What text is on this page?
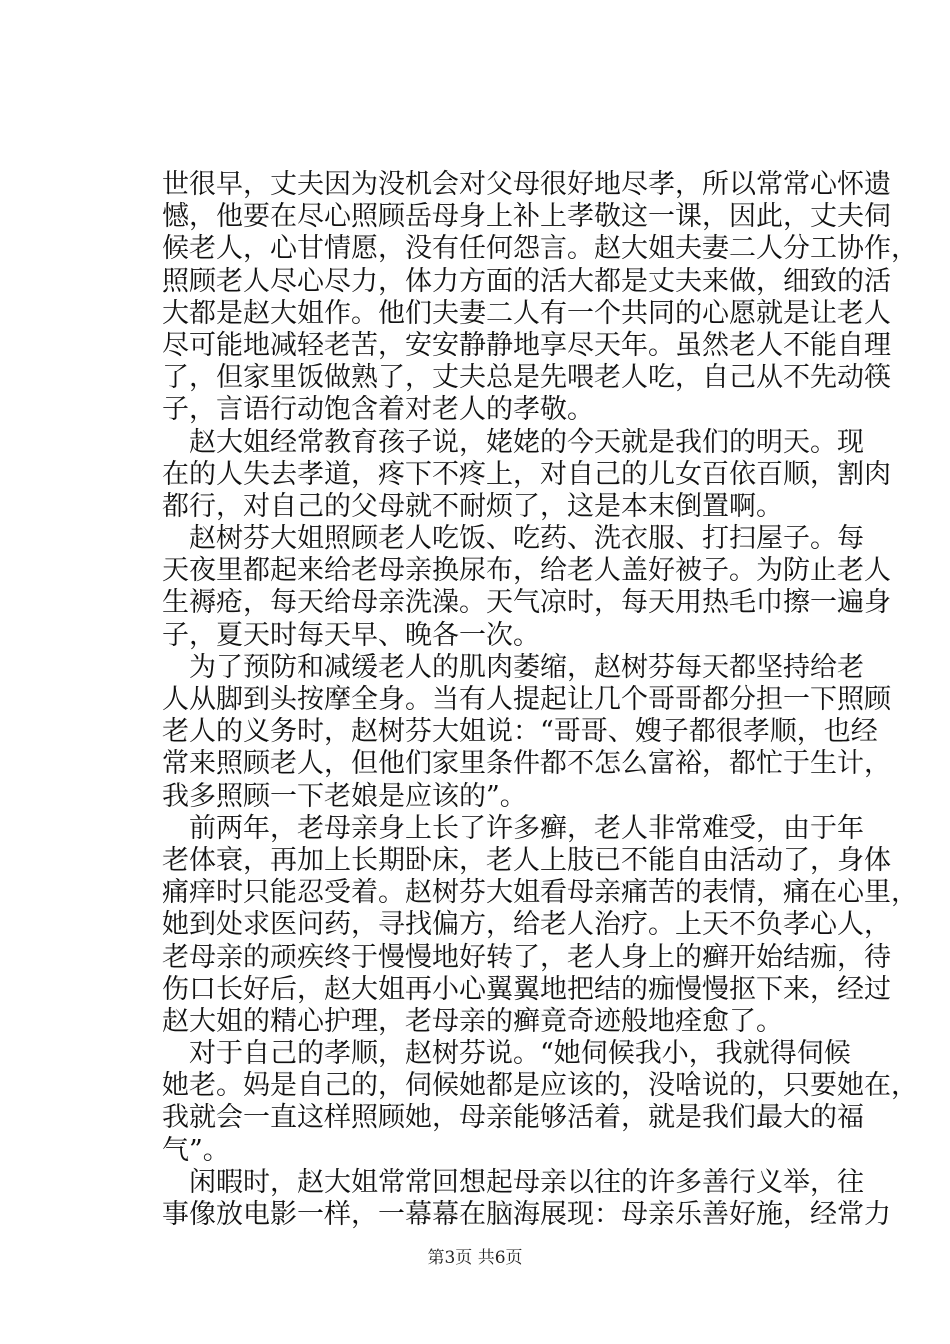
世很早，丈夫因为没机会对父母很好地尽孝，所以常常心怀遗
憾，他要在尽心照顾岳母身上补上孝敬这一课，因此，丈夫伺
候老人，心甘情愿，没有任何怨言。赵大姐夫妻二人分工协作，
照顾老人尽心尽力，体力方面的活大都是丈夫来做，细致的活
大都是赵大姐作。他们夫妻二人有一个共同的心愿就是让老人
尽可能地减轻老苦，安安静静地享尽天年。虽然老人不能自理
了，但家里饭做熟了，丈夫总是先喂老人吃，自己从不先动筷
子，言语行动饱含着对老人的孝敬。
赵大姐经常教育孩子说，姥姥的今天就是我们的明天。现
在的人失去孝道，疼下不疼上，对自己的儿女百依百顺，割肉
都行，对自己的父母就不耐烦了，这是本末倒置啊。
赵树芬大姐照顾老人吃饭、吃药、洗衣服、打扫屋子。每
天夜里都起来给老母亲换尿布，给老人盖好被子。为防止老人
生褥疮，每天给母亲洗澡。天气凉时，每天用热毛巾擦一遍身
子，夏天时每天早、晚各一次。
为了预防和减缓老人的肌肉萎缩，赵树芬每天都坚持给老
人从脚到头按摩全身。当有人提起让几个哥哥都分担一下照顾
老人的义务时，赵树芬大姐说：“哥哥、嫂子都很孝顺，也经
常来照顾老人，但他们家里条件都不怎么富裕，都忙于生计，
我多照顾一下老娘是应该的”。
前两年，老母亲身上长了许多癣，老人非常难受，由于年
老体衰，再加上长期卧床，老人上肢已不能自由活动了，身体
痛痒时只能忍受着。赵树芬大姐看母亲痛苦的表情，痛在心里，
她到处求医问药，寻找偏方，给老人治疗。上天不负孝心人，
老母亲的顽疾终于慢慢地好转了，老人身上的癣开始结痂，待
伤口长好后，赵大姐再小心翼翼地把结的痂慢慢抠下来，经过
赵大姐的精心护理，老母亲的癣竟奇迹般地痊愈了。
对于自己的孝顺，赵树芬说。“她伺候我小，我就得伺候
她老。妈是自己的，伺候她都是应该的，没啥说的，只要她在，
我就会一直这样照顾她，母亲能够活着，就是我们最大的福
气”。
闲暇时，赵大姐常常回想起母亲以往的许多善行义举，往
事像放电影一样，一幕幕在脑海展现：母亲乐善好施，经常力
第3页 共6页
